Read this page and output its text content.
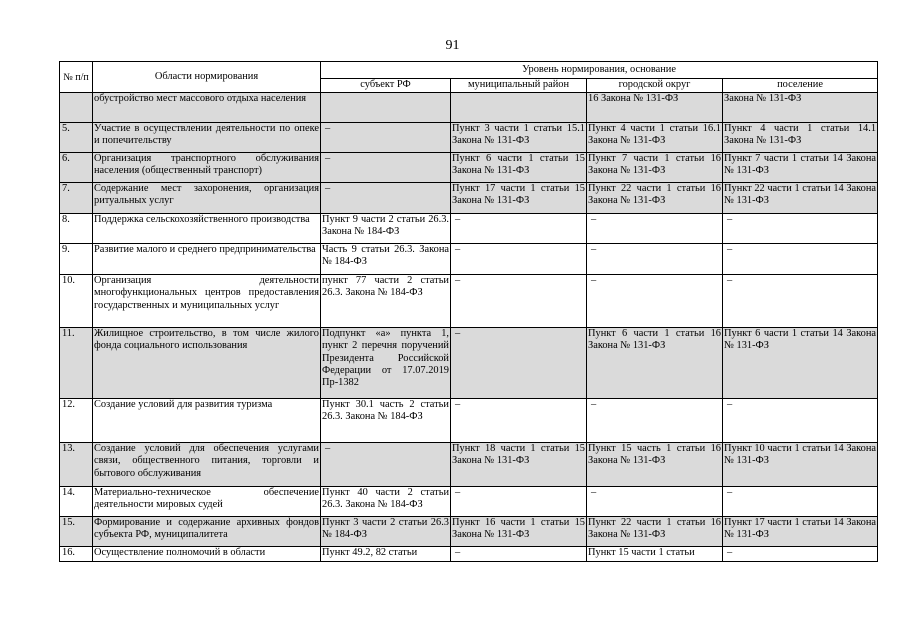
91
№ п/п	Области нормирования	Уровень нормирования, основание			
		субъект РФ	муниципальный район	городской округ	поселение
	обустройство мест массового отдыха населения			16 Закона № 131-ФЗ	Закона № 131-ФЗ
5.	Участие в осуществлении деятельности по опеке и попечительству	–	Пункт 3 части 1 статьи 15.1 Закона № 131-ФЗ	Пункт 4 части 1 статьи 16.1 Закона № 131-ФЗ	Пункт 4 части 1 статьи 14.1 Закона № 131-ФЗ
6.	Организация транспортного обслуживания населения (общественный транспорт)	–	Пункт 6 части 1 статьи 15 Закона № 131-ФЗ	Пункт 7 части 1 статьи 16 Закона № 131-ФЗ	Пункт 7 части 1 статьи 14 Закона № 131-ФЗ
7.	Содержание мест захоронения, организация ритуальных услуг	–	Пункт 17 части 1 статьи 15 Закона № 131-ФЗ	Пункт 22 части 1 статьи 16 Закона № 131-ФЗ	Пункт 22 части 1 статьи 14 Закона № 131-ФЗ
8.	Поддержка сельскохозяйственного производства	Пункт 9 части 2 статьи 26.3. Закона № 184-ФЗ	–	–	–
9.	Развитие малого и среднего предпринимательства	Часть 9 статьи 26.3. Закона № 184-ФЗ	–	–	–
10.	Организация деятельности многофункциональных центров предоставления государственных и муниципальных услуг	пункт 77 части 2 статьи 26.3. Закона № 184-ФЗ	–	–	–
11.	Жилищное строительство, в том числе жилого фонда социального использования	Подпункт «а» пункта 1, пункт 2 перечня поручений Президента Российской Федерации от 17.07.2019 Пр-1382	–	Пункт 6 части 1 статьи 16 Закона № 131-ФЗ	Пункт 6 части 1 статьи 14 Закона № 131-ФЗ
12.	Создание условий для развития туризма	Пункт 30.1 часть 2 статьи 26.3. Закона № 184-ФЗ	–	–	–
13.	Создание условий для обеспечения услугами связи, общественного питания, торговли и бытового обслуживания	–	Пункт 18 части 1 статьи 15 Закона № 131-ФЗ	Пункт 15 часть 1 статьи 16 Закона № 131-ФЗ	Пункт 10 части 1 статьи 14 Закона № 131-ФЗ
14.	Материально-техническое обеспечение деятельности мировых судей	Пункт 40 части 2 статьи 26.3. Закона № 184-ФЗ	–	–	–
15.	Формирование и содержание архивных фондов субъекта РФ, муниципалитета	Пункт 3 части 2 статьи 26.3 № 184-ФЗ	Пункт 16 части 1 статьи 15 Закона № 131-ФЗ	Пункт 22 части 1 статьи 16 Закона № 131-ФЗ	Пункт 17 части 1 статьи 14 Закона № 131-ФЗ
16.	Осуществление полномочий в области	Пункт 49.2, 82 статьи	–	Пункт 15 части 1 статьи	–
